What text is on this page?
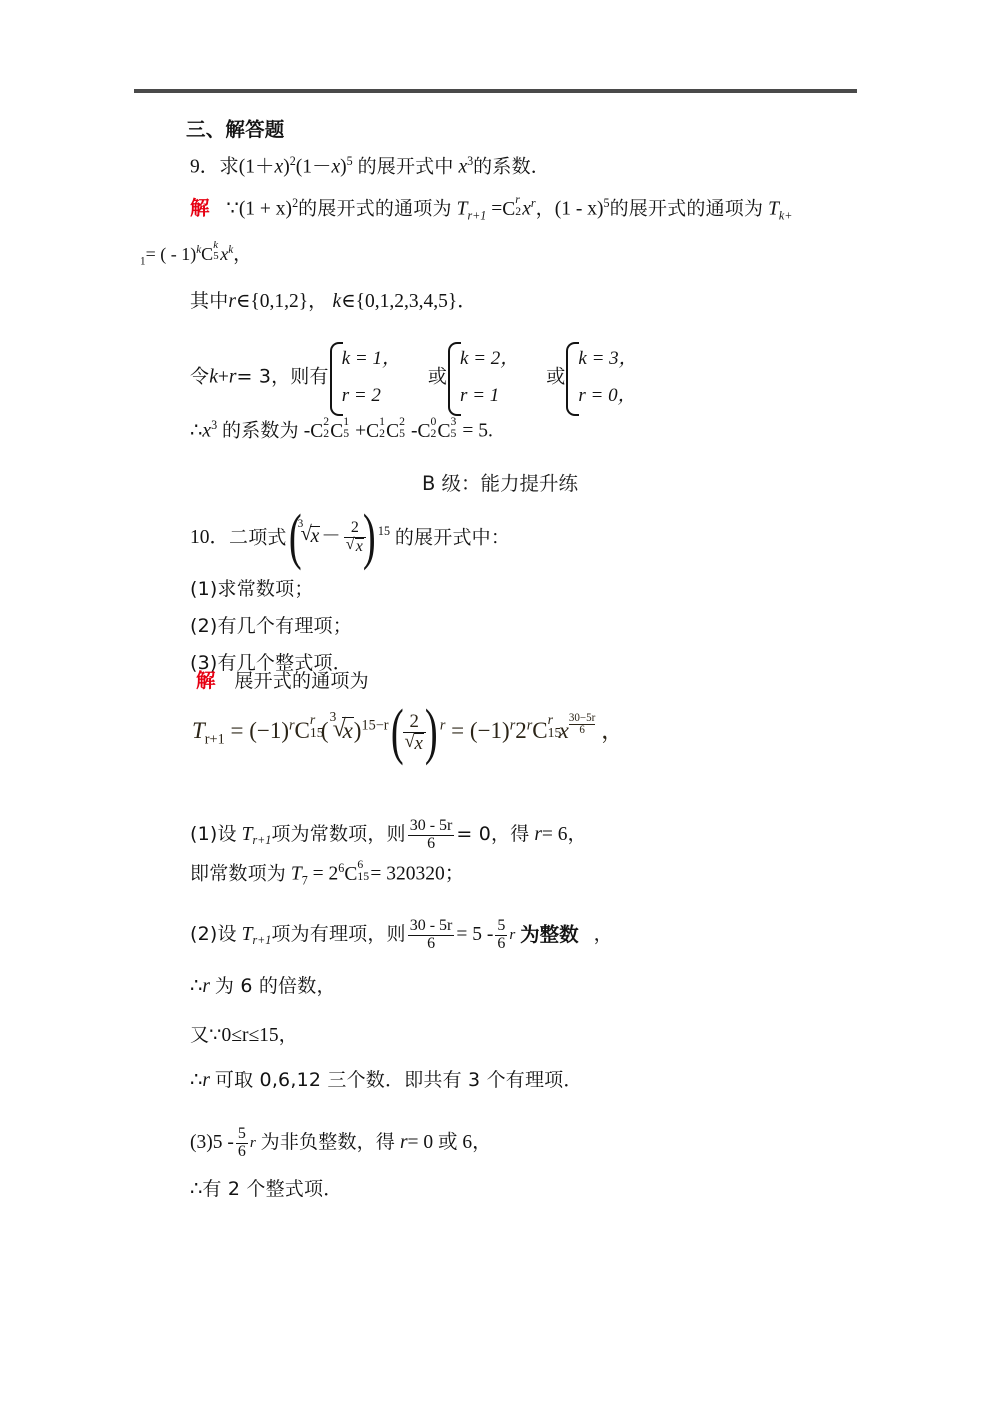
三、解答题
9．求$(1+x)^2(1-x)^5$ 的展开式中 $x^3$的系数．
解 ∵(1 + x)$^2$的展开式的通项为 $T_{r+1} =C$ r
2 $x^r$，(1 - x)$^5$的展开式的通项为 $T_{k+}$
$_1$= ( - 1)$^k$C k
5 $x^k$，
其中r∈{0,1,2}， k∈{0,1,2,3,4,5}．
令k+r= 3，则有
k = 1，
r = 2
或
k = 2，
r = 1
或
k = 3，
r = 0，
$\therefore x^3$ 的系数为 -C 2
2 C 1
5 +C 1
2 C 2
5 -C 0
2 C 3
5 = 5.
B 级：能力提升练
10．二项式
( 3
√ x － 2
√ x
) $^{15}$ 的展开式中：
(1)求常数项；
(2)有几个有理项；
(3)有几个整式项．
解 展开式的通项为
$T_{r+1} = (-1)^rC$ r
15
(
3
√ x)$^{15-r}$ ( 2
√ x
) $^r = (-1)^r2^rC$ r
15
x $\frac{30-5r}{6}$ ，
(1)设 $T_{r+1}$项为常数项，则 $\frac{30 - 5r}{6} = 0$，得 r= 6，
即常数项为 $T_7 = 2^6C$ 6
15 = 320320；
(2)设 $T_{r+1}$项为有理项，则 $\frac{30 - 5r}{6} = 5 - \frac{5}{6}$ r 为整数 ，
∴r 为 6 的倍数，
又∵0≤r≤15，
∴r 可取 0,6,12 三个数．即共有 3 个有理项．
$(3)5 - \frac{5}{6}$ r 为非负整数，得 r= 0 或 6，
∴有 2 个整式项．
